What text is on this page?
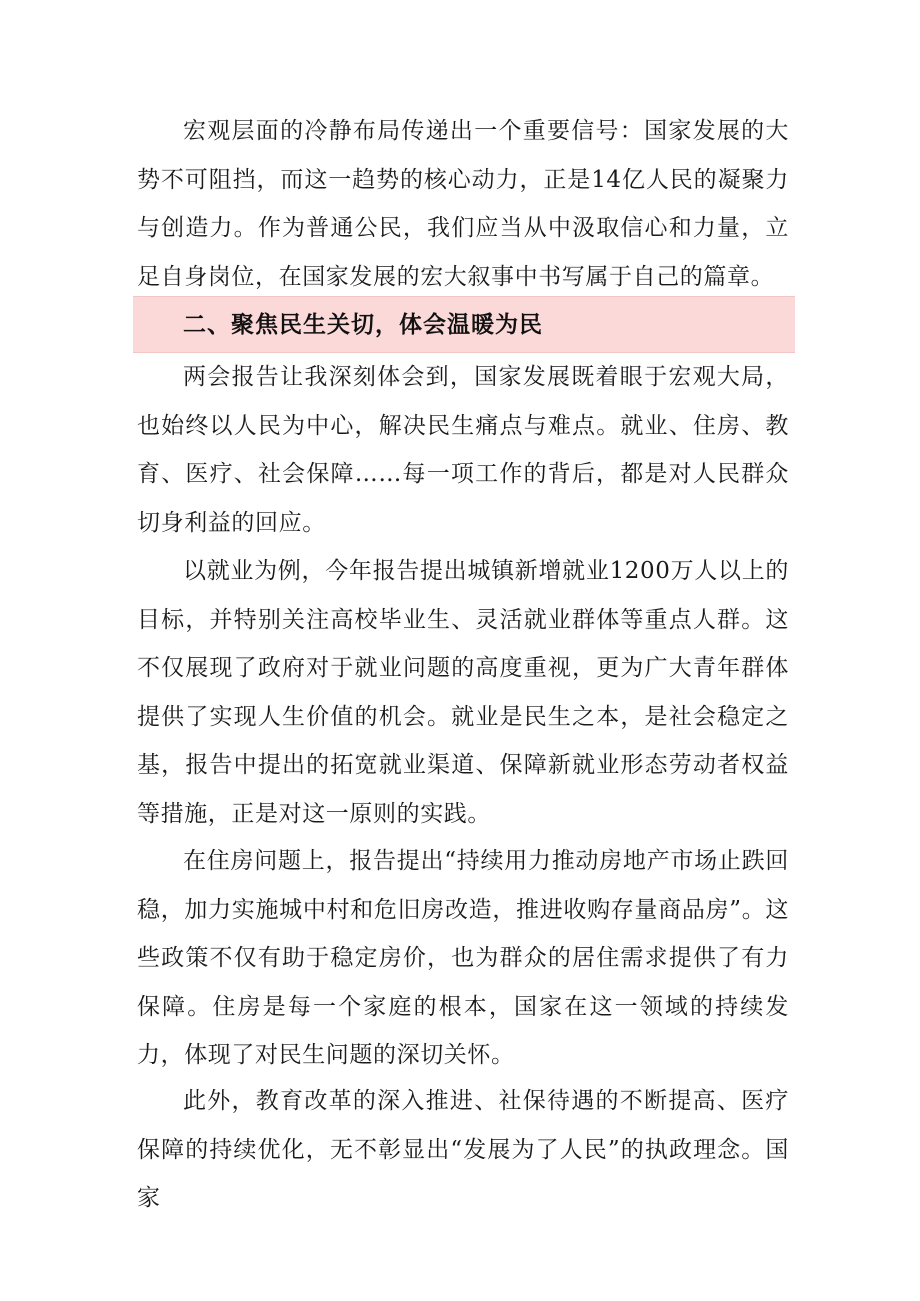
宏观层面的冷静布局传递出一个重要信号：国家发展的大势不可阻挡，而这一趋势的核心动力，正是14亿人民的凝聚力与创造力。作为普通公民，我们应当从中汲取信心和力量，立足自身岗位，在国家发展的宏大叙事中书写属于自己的篇章。

二、聚焦民生关切，体会温暖为民

两会报告让我深刻体会到，国家发展既着眼于宏观大局，也始终以人民为中心，解决民生痛点与难点。就业、住房、教育、医疗、社会保障……每一项工作的背后，都是对人民群众切身利益的回应。

以就业为例，今年报告提出城镇新增就业1200万人以上的目标，并特别关注高校毕业生、灵活就业群体等重点人群。这不仅展现了政府对于就业问题的高度重视，更为广大青年群体提供了实现人生价值的机会。就业是民生之本，是社会稳定之基，报告中提出的拓宽就业渠道、保障新就业形态劳动者权益等措施，正是对这一原则的实践。

在住房问题上，报告提出“持续用力推动房地产市场止跌回稳，加力实施城中村和危旧房改造，推进收购存量商品房”。这些政策不仅有助于稳定房价，也为群众的居住需求提供了有力保障。住房是每一个家庭的根本，国家在这一领域的持续发力，体现了对民生问题的深切关怀。

此外，教育改革的深入推进、社保待遇的不断提高、医疗保障的持续优化，无不彰显出“发展为了人民”的执政理念。国家
